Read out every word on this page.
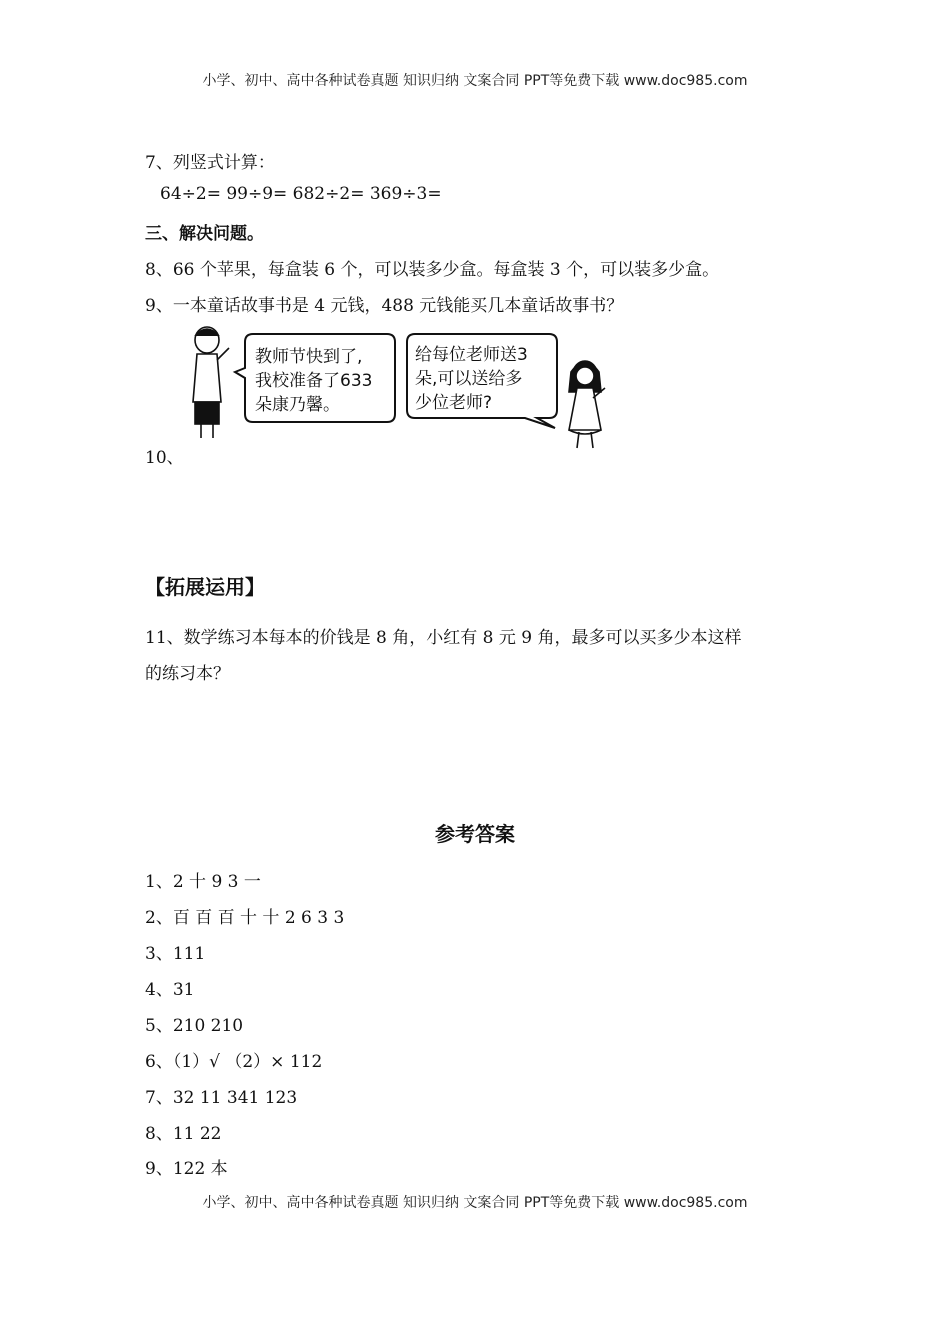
小学、初中、高中各种试卷真题 知识归纳 文案合同 PPT等免费下载 www.doc985.com
7、列竖式计算：
64÷2= 99÷9= 682÷2= 369÷3=
三、解决问题。
8、66 个苹果，每盒装 6 个，可以装多少盒。每盒装 3 个，可以装多少盒。
9、一本童话故事书是 4 元钱，488 元钱能买几本童话故事书？
教师节快到了,
我校准备了633
朵康乃馨。
给每位老师送3
朵,可以送给多
少位老师?
10、
【拓展运用】
11、数学练习本每本的价钱是 8 角，小红有 8 元 9 角，最多可以买多少本这样
的练习本？
参考答案
1、2 十 9 3 一
2、百 百 百 十 十 2 6 3 3
3、111
4、31
5、210 210
6、（1）√ （2）× 112
7、32 11 341 123
8、11 22
9、122 本
小学、初中、高中各种试卷真题 知识归纳 文案合同 PPT等免费下载 www.doc985.com
